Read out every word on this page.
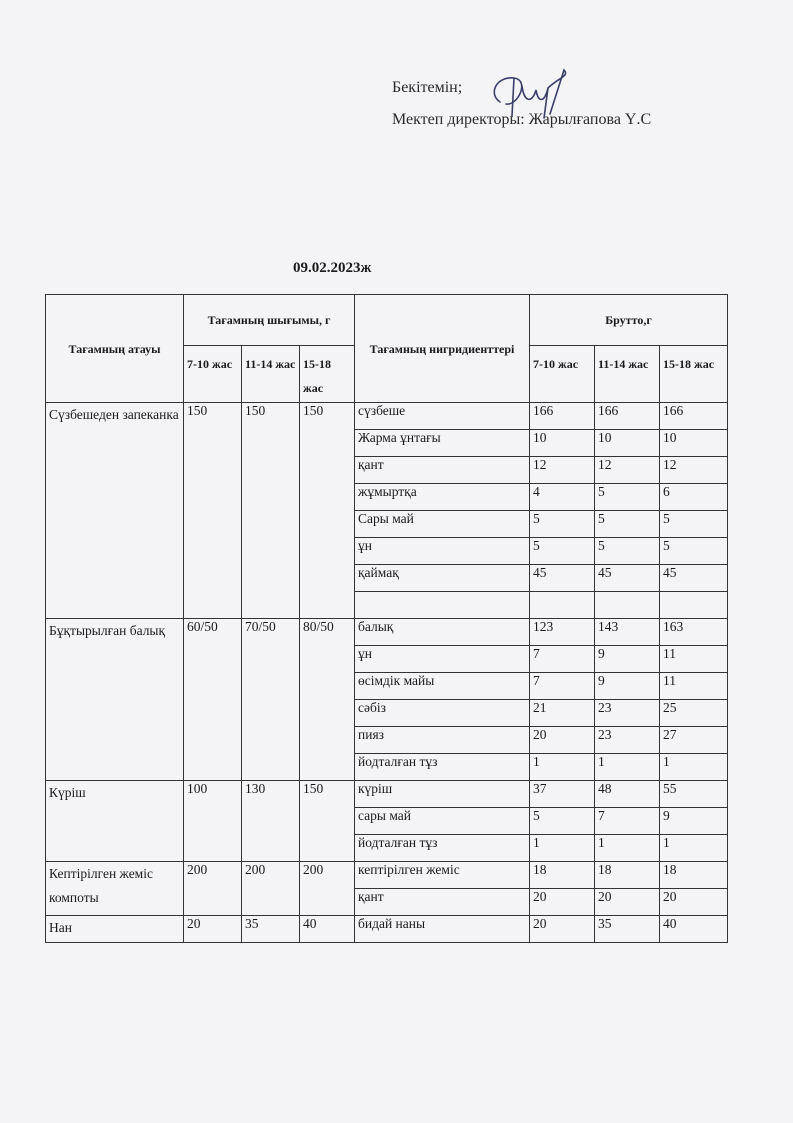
Бекітемін;
Мектеп директоры: Жарылғапова Ү.С
09.02.2023ж
Тағамның атауы	Тағамның шығымы, г			Тағамның нигридиенттері	Брутто,г		
	7-10 жас	11-14 жас	15-18 жас		7-10 жас	11-14 жас	15-18 жас
Сүзбешеден запеканка	150	150	150	сүзбеше	166	166	166
				Жарма ұнтағы	10	10	10
				қант	12	12	12
				жұмыртқа	4	5	6
				Сары май	5	5	5
				ұн	5	5	5
				қаймақ	45	45	45

Бұқтырылған балық	60/50	70/50	80/50	балық	123	143	163
				ұн	7	9	11
				өсімдік майы	7	9	11
				сәбіз	21	23	25
				пияз	20	23	27
				йодталған тұз	1	1	1
Күріш	100	130	150	күріш	37	48	55
				сары май	5	7	9
				йодталған тұз	1	1	1
Кептірілген жеміс компоты	200	200	200	кептірілген жеміс	18	18	18
				қант	20	20	20
Нан	20	35	40	бидай наны	20	35	40
